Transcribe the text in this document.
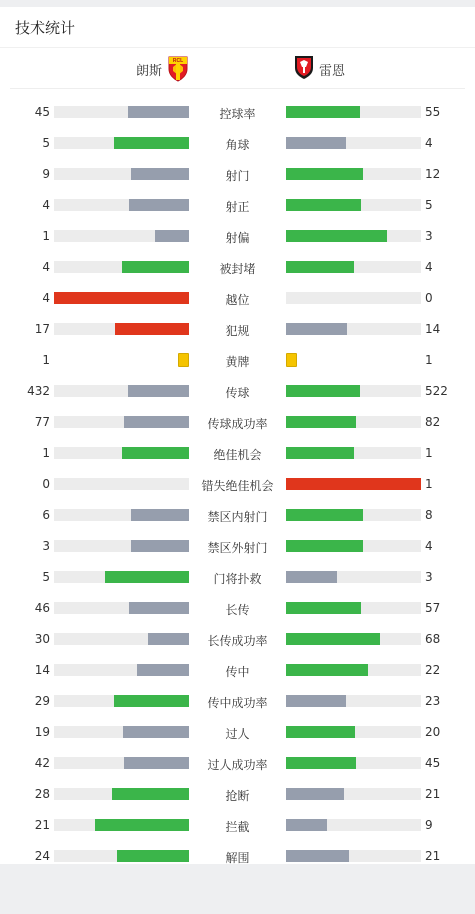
技术统计
朗斯
RCL
雷恩
45	控球率	55
5	角球	4
9	射门	12
4	射正	5
1	射偏	3
4	被封堵	4
4	越位	0
17	犯规	14
1	黄牌	1
432	传球	522
77	传球成功率	82
1	绝佳机会	1
0	错失绝佳机会	1
6	禁区内射门	8
3	禁区外射门	4
5	门将扑救	3
46	长传	57
30	长传成功率	68
14	传中	22
29	传中成功率	23
19	过人	20
42	过人成功率	45
28	抢断	21
21	拦截	9
24	解围	21
